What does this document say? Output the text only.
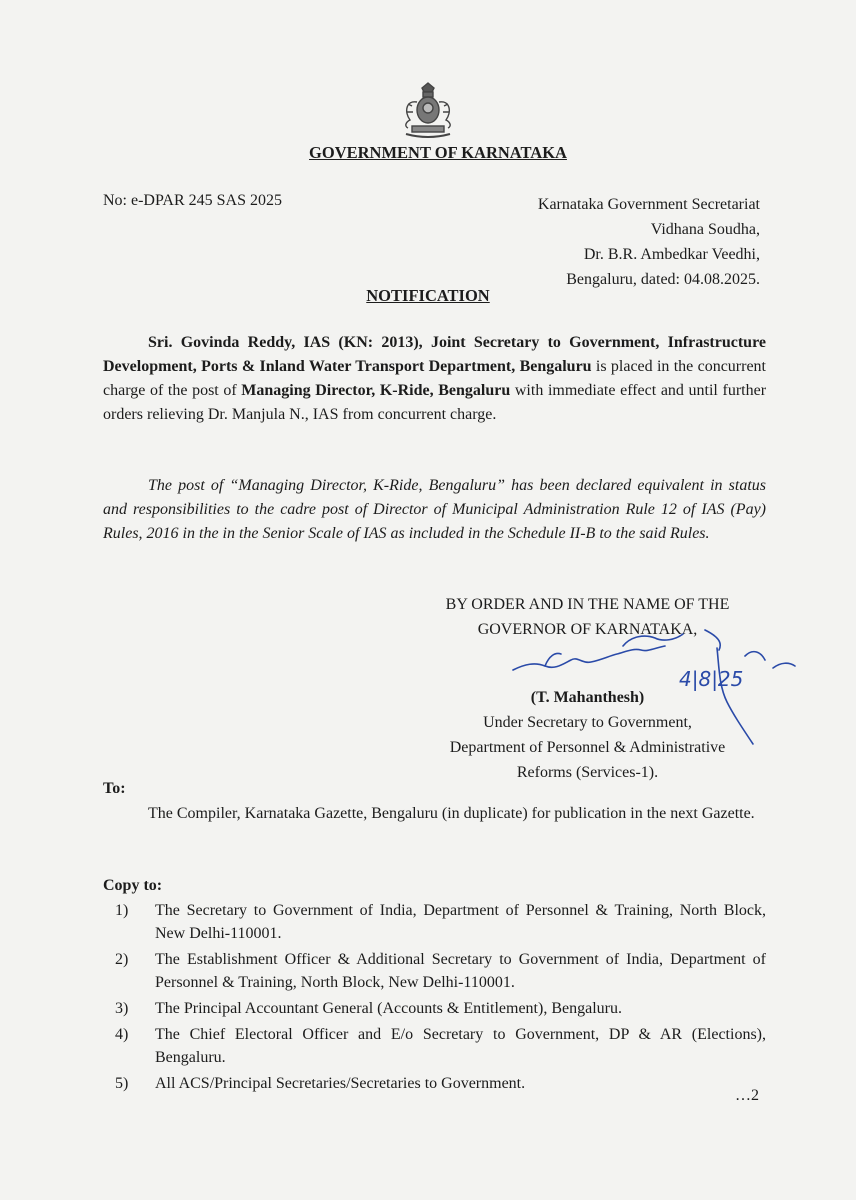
GOVERNMENT OF KARNATAKA
No: e-DPAR 245 SAS 2025	Karnataka Government Secretariat
Vidhana Soudha,
Dr. B.R. Ambedkar Veedhi,
Bengaluru, dated: 04.08.2025.
NOTIFICATION

Sri. Govinda Reddy, IAS (KN: 2013), Joint Secretary to Government, Infrastructure Development, Ports & Inland Water Transport Department, Bengaluru is placed in the concurrent charge of the post of Managing Director, K-Ride, Bengaluru with immediate effect and until further orders relieving Dr. Manjula N., IAS from concurrent charge.

The post of “Managing Director, K-Ride, Bengaluru” has been declared equivalent in status and responsibilities to the cadre post of Director of Municipal Administration Rule 12 of IAS (Pay) Rules, 2016 in the in the Senior Scale of IAS as included in the Schedule II-B to the said Rules.

BY ORDER AND IN THE NAME OF THE
GOVERNOR OF KARNATAKA,
4|8|25
(T. Mahanthesh)
Under Secretary to Government,
Department of Personnel & Administrative
Reforms (Services-1).
To:

The Compiler, Karnataka Gazette, Bengaluru (in duplicate) for publication in the next Gazette.

Copy to:
1)	The Secretary to Government of India, Department of Personnel & Training, North Block, New Delhi-110001.
2)	The Establishment Officer & Additional Secretary to Government of India, Department of Personnel & Training, North Block, New Delhi-110001.
3)	The Principal Accountant General (Accounts & Entitlement), Bengaluru.
4)	The Chief Electoral Officer and E/o Secretary to Government, DP & AR (Elections), Bengaluru.
5)	All ACS/Principal Secretaries/Secretaries to Government.
…2
